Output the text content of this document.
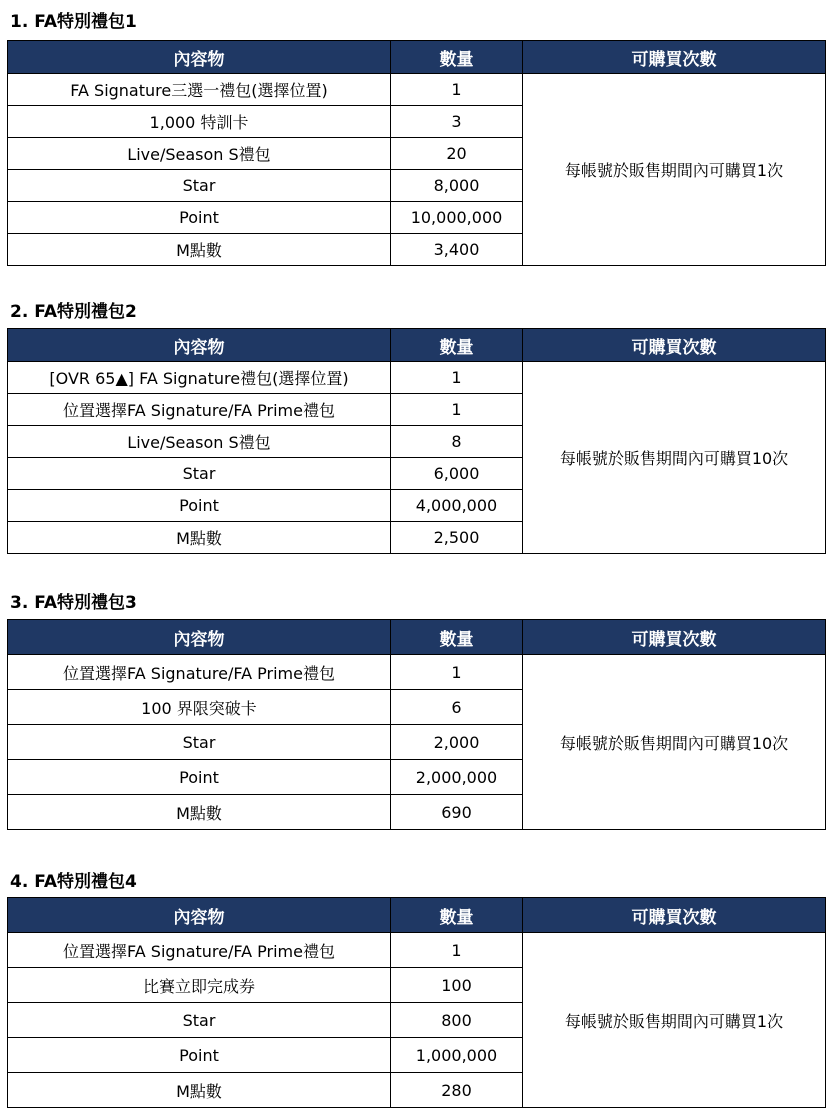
1. FA特別禮包1
內容物	數量	可購買次數
FA Signature三選一禮包(選擇位置)	1	每帳號於販售期間內可購買1次
1,000 特訓卡	3	
Live/Season S禮包	20	
Star	8,000	
Point	10,000,000	
M點數	3,400	
2. FA特別禮包2
內容物	數量	可購買次數
[OVR 65▲] FA Signature禮包(選擇位置)	1	每帳號於販售期間內可購買10次
位置選擇FA Signature/FA Prime禮包	1	
Live/Season S禮包	8	
Star	6,000	
Point	4,000,000	
M點數	2,500	
3. FA特別禮包3
內容物	數量	可購買次數
位置選擇FA Signature/FA Prime禮包	1	每帳號於販售期間內可購買10次
100 界限突破卡	6	
Star	2,000	
Point	2,000,000	
M點數	690	
4. FA特別禮包4
內容物	數量	可購買次數
位置選擇FA Signature/FA Prime禮包	1	每帳號於販售期間內可購買1次
比賽立即完成券	100	
Star	800	
Point	1,000,000	
M點數	280	
